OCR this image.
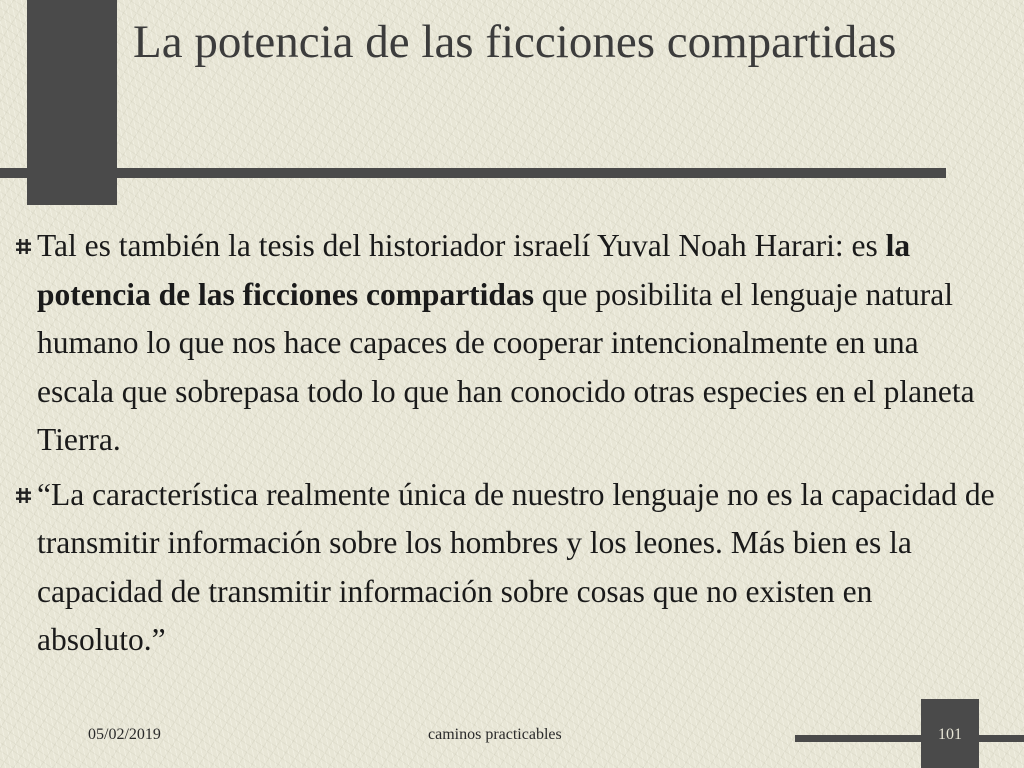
La potencia de las ficciones compartidas
Tal es también la tesis del historiador israelí Yuval Noah Harari: es la potencia de las ficciones compartidas que posibilita el lenguaje natural humano lo que nos hace capaces de cooperar intencionalmente en una escala que sobrepasa todo lo que han conocido otras especies en el planeta Tierra.
“La característica realmente única de nuestro lenguaje no es la capacidad de transmitir información sobre los hombres y los leones. Más bien es la capacidad de transmitir información sobre cosas que no existen en absoluto.”
05/02/2019	caminos practicables	101
